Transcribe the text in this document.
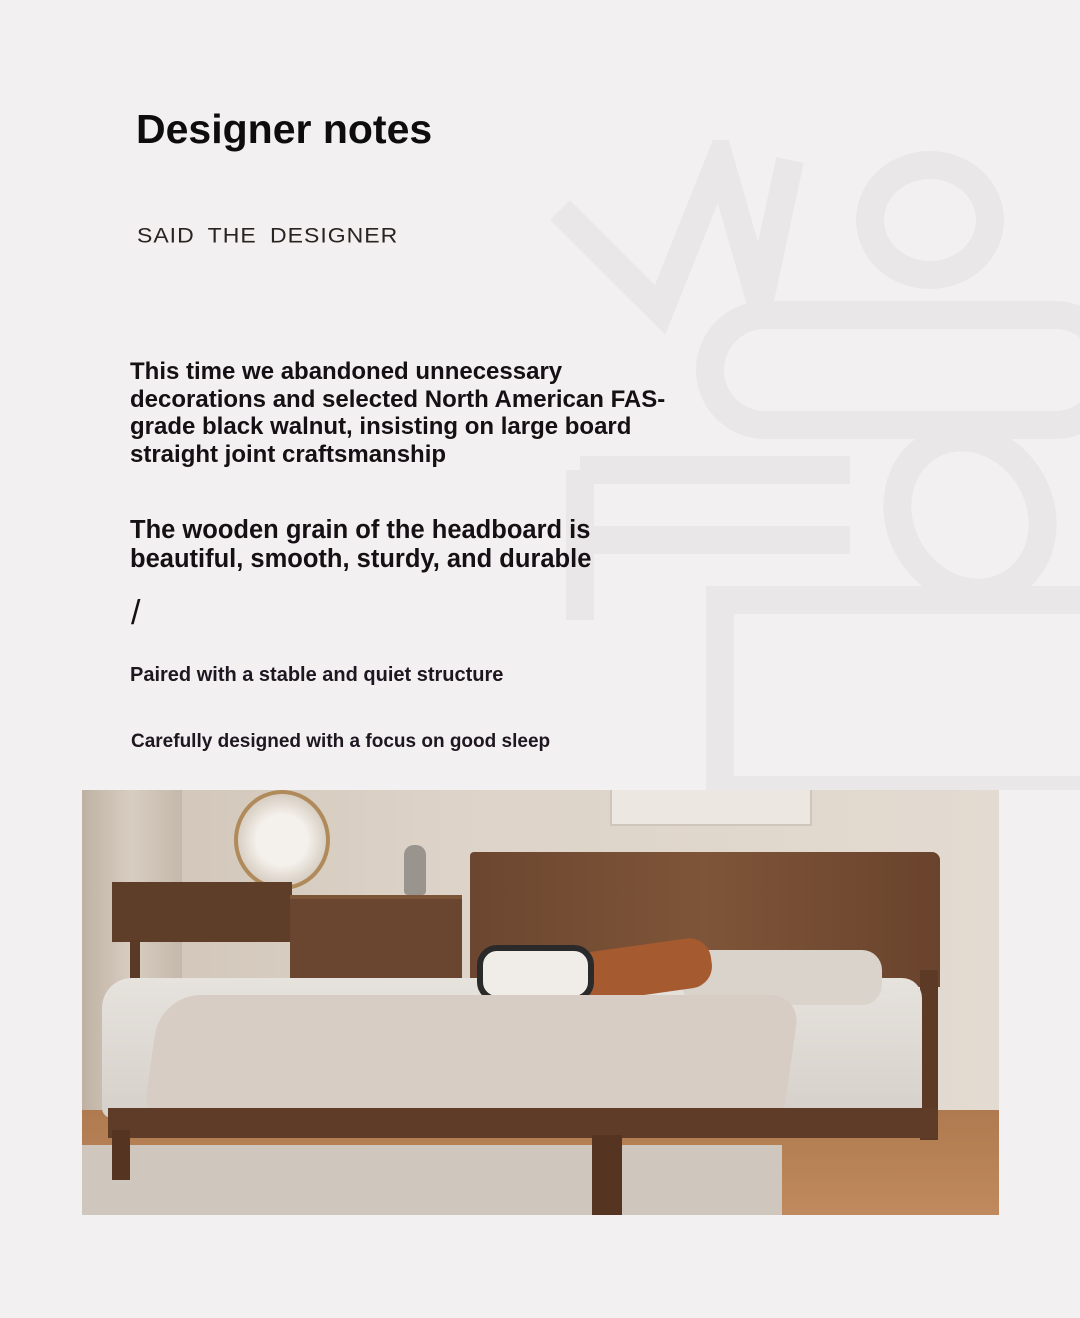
Designer notes
SAID THE DESIGNER
This time we abandoned unnecessary decorations and selected North American FAS-grade black walnut, insisting on large board straight joint craftsmanship
The wooden grain of the headboard is beautiful, smooth, sturdy, and durable
/
Paired with a stable and quiet structure
Carefully designed with a focus on good sleep
